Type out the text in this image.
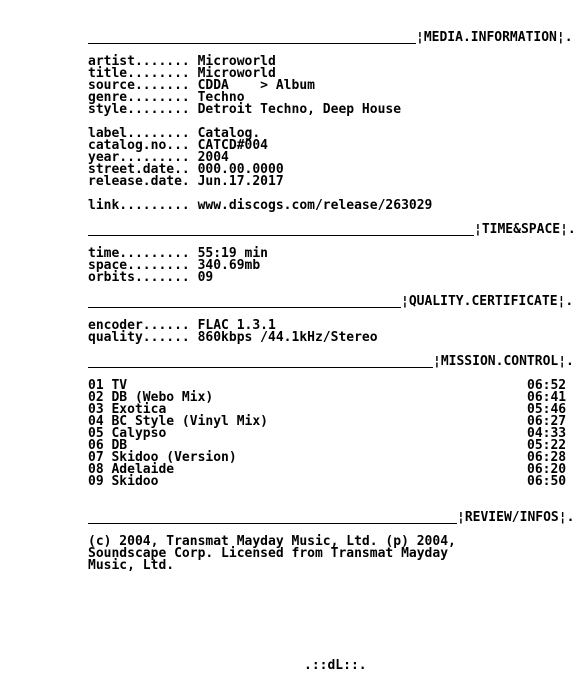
¦MEDIA.INFORMATION¦.
artist....... Microworld
title........ Microworld
source....... CDDA    > Album
genre........ Techno
style........ Detroit Techno, Deep House
label........ Catalog.
catalog.no... CATCD#004
year......... 2004
street.date.. 000.00.0000
release.date. Jun.17.2017
link......... www.discogs.com/release/263029
¦TIME&SPACE¦.
time......... 55:19 min
space........ 340.69mb
orbits....... 09
¦QUALITY.CERTIFICATE¦.
encoder...... FLAC 1.3.1
quality...... 860kbps /44.1kHz/Stereo
¦MISSION.CONTROL¦.
01 TV	06:52
02 DB (Webo Mix)	06:41
03 Exotica	05:46
04 BC Style (Vinyl Mix)	06:27
05 Calypso	04:33
06 DB	05:22
07 Skidoo (Version)	06:28
08 Adelaide	06:20
09 Skidoo	06:50
¦REVIEW/INFOS¦.
(c) 2004, Transmat Mayday Music, Ltd. (p) 2004,
Soundscape Corp. Licensed from Transmat Mayday
Music, Ltd.
.::dL::.
